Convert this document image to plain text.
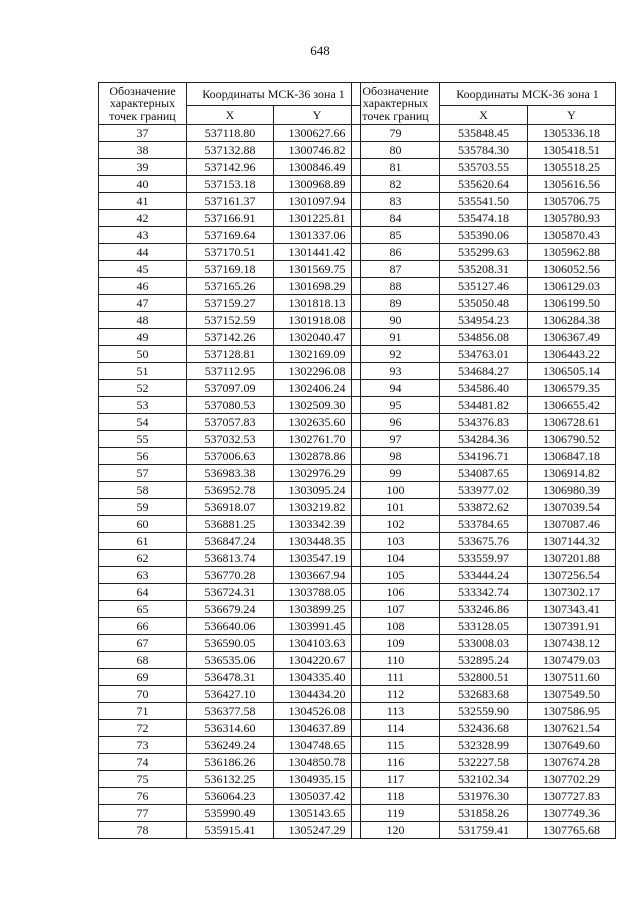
648
Обозначение характерных точек границ	Координаты МСК-36 зона 1	
	X	Y
37	537118.80	1300627.66
38	537132.88	1300746.82
39	537142.96	1300846.49
40	537153.18	1300968.89
41	537161.37	1301097.94
42	537166.91	1301225.81
43	537169.64	1301337.06
44	537170.51	1301441.42
45	537169.18	1301569.75
46	537165.26	1301698.29
47	537159.27	1301818.13
48	537152.59	1301918.08
49	537142.26	1302040.47
50	537128.81	1302169.09
51	537112.95	1302296.08
52	537097.09	1302406.24
53	537080.53	1302509.30
54	537057.83	1302635.60
55	537032.53	1302761.70
56	537006.63	1302878.86
57	536983.38	1302976.29
58	536952.78	1303095.24
59	536918.07	1303219.82
60	536881.25	1303342.39
61	536847.24	1303448.35
62	536813.74	1303547.19
63	536770.28	1303667.94
64	536724.31	1303788.05
65	536679.24	1303899.25
66	536640.06	1303991.45
67	536590.05	1304103.63
68	536535.06	1304220.67
69	536478.31	1304335.40
70	536427.10	1304434.20
71	536377.58	1304526.08
72	536314.60	1304637.89
73	536249.24	1304748.65
74	536186.26	1304850.78
75	536132.25	1304935.15
76	536064.23	1305037.42
77	535990.49	1305143.65
78	535915.41	1305247.29
Обозначение характерных точек границ	Координаты МСК-36 зона 1	
	X	Y
79	535848.45	1305336.18
80	535784.30	1305418.51
81	535703.55	1305518.25
82	535620.64	1305616.56
83	535541.50	1305706.75
84	535474.18	1305780.93
85	535390.06	1305870.43
86	535299.63	1305962.88
87	535208.31	1306052.56
88	535127.46	1306129.03
89	535050.48	1306199.50
90	534954.23	1306284.38
91	534856.08	1306367.49
92	534763.01	1306443.22
93	534684.27	1306505.14
94	534586.40	1306579.35
95	534481.82	1306655.42
96	534376.83	1306728.61
97	534284.36	1306790.52
98	534196.71	1306847.18
99	534087.65	1306914.82
100	533977.02	1306980.39
101	533872.62	1307039.54
102	533784.65	1307087.46
103	533675.76	1307144.32
104	533559.97	1307201.88
105	533444.24	1307256.54
106	533342.74	1307302.17
107	533246.86	1307343.41
108	533128.05	1307391.91
109	533008.03	1307438.12
110	532895.24	1307479.03
111	532800.51	1307511.60
112	532683.68	1307549.50
113	532559.90	1307586.95
114	532436.68	1307621.54
115	532328.99	1307649.60
116	532227.58	1307674.28
117	532102.34	1307702.29
118	531976.30	1307727.83
119	531858.26	1307749.36
120	531759.41	1307765.68
